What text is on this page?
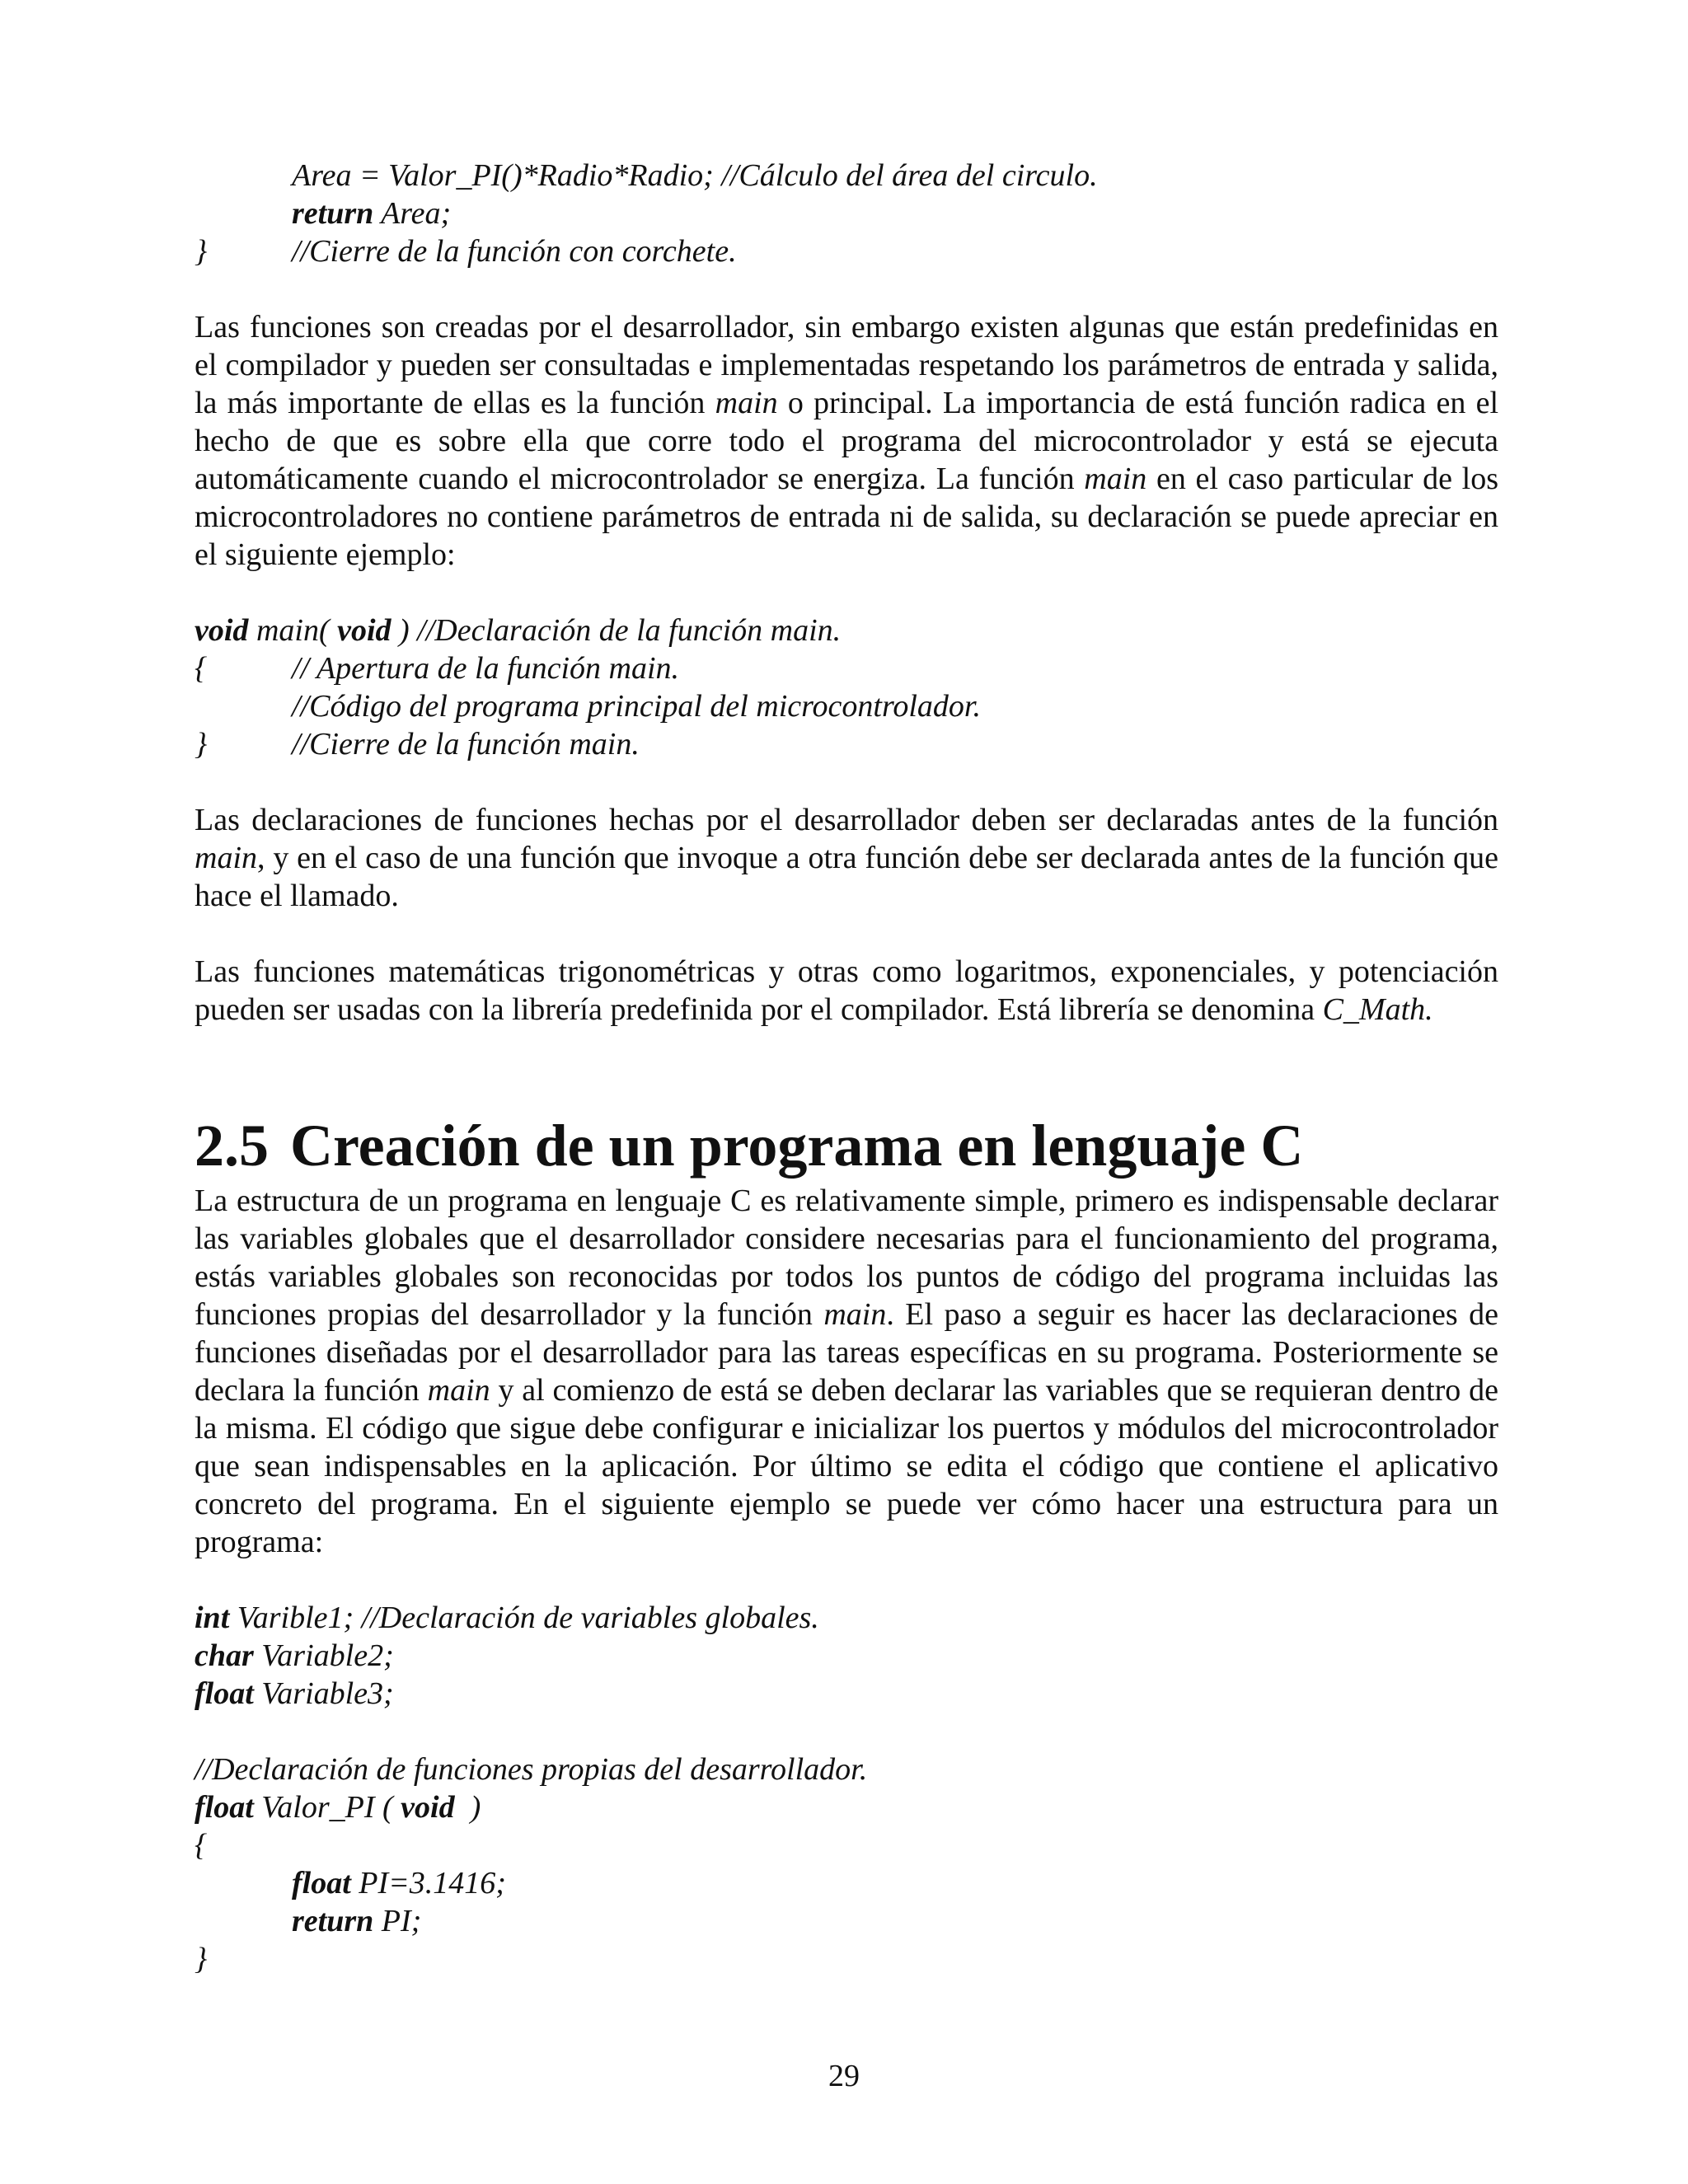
Area = Valor_PI()*Radio*Radio; //Cálculo del área del circulo.
return Area;
}	//Cierre de la función con corchete.
Las funciones son creadas por el desarrollador, sin embargo existen algunas que están predefinidas en el compilador y pueden ser consultadas e implementadas respetando los parámetros de entrada y salida, la más importante de ellas es la función main o principal. La importancia de está función radica en el hecho de que es sobre ella que corre todo el programa del microcontrolador y está se ejecuta automáticamente cuando el microcontrolador se energiza. La función main en el caso particular de los microcontroladores no contiene parámetros de entrada ni de salida, su declaración se puede apreciar en el siguiente ejemplo:
void main( void ) //Declaración de la función main.
{	// Apertura de la función main.
//Código del programa principal del microcontrolador.
}	//Cierre de la función main.
Las declaraciones de funciones hechas por el desarrollador deben ser declaradas antes de la función main, y en el caso de una función que invoque a otra función debe ser declarada antes de la función que hace el llamado.
Las funciones matemáticas trigonométricas y otras como logaritmos, exponenciales, y potenciación pueden ser usadas con la librería predefinida por el compilador. Está librería se denomina C_Math.
2.5 Creación de un programa en lenguaje C
La estructura de un programa en lenguaje C es relativamente simple, primero es indispensable declarar las variables globales que el desarrollador considere necesarias para el funcionamiento del programa, estás variables globales son reconocidas por todos los puntos de código del programa incluidas las funciones propias del desarrollador y la función main. El paso a seguir es hacer las declaraciones de funciones diseñadas por el desarrollador para las tareas específicas en su programa. Posteriormente se declara la función main y al comienzo de está se deben declarar las variables que se requieran dentro de la misma. El código que sigue debe configurar e inicializar los puertos y módulos del microcontrolador que sean indispensables en la aplicación. Por último se edita el código que contiene el aplicativo concreto del programa. En el siguiente ejemplo se puede ver cómo hacer una estructura para un programa:
int Varible1; //Declaración de variables globales.
char Variable2;
float Variable3;
//Declaración de funciones propias del desarrollador.
float Valor_PI ( void  )
{
float PI=3.1416;
return PI;
}
29
